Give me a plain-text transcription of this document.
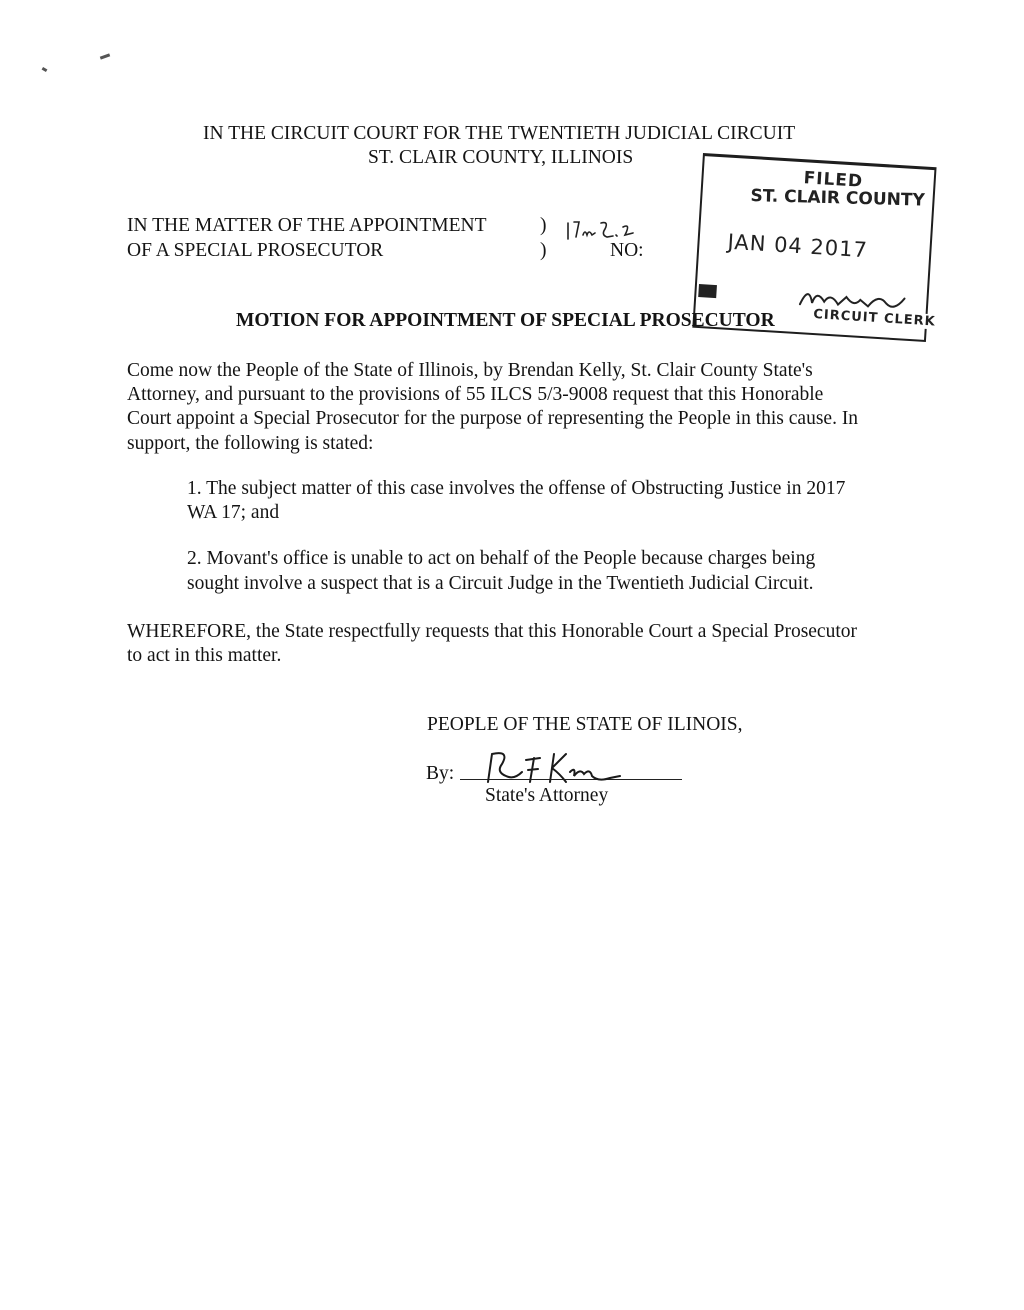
IN THE CIRCUIT COURT FOR THE TWENTIETH JUDICIAL CIRCUIT
ST. CLAIR COUNTY, ILLINOIS
IN THE MATTER OF THE APPOINTMENT
OF A SPECIAL PROSECUTOR
)
)	NO:
FILED
ST. CLAIR COUNTY
JAN 04 2017
38
CIRCUIT CLERK
MOTION FOR APPOINTMENT OF SPECIAL PROSECUTOR
Come now the People of the State of Illinois, by Brendan Kelly, St. Clair County State's
Attorney, and pursuant to the provisions of 55 ILCS 5/3-9008 request that this Honorable
Court appoint a Special Prosecutor for the purpose of representing the People in this cause. In
support, the following is stated:
1. The subject matter of this case involves the offense of Obstructing Justice in 2017
WA 17; and
2. Movant's office is unable to act on behalf of the People because charges being
sought involve a suspect that is a Circuit Judge in the Twentieth Judicial Circuit.
WHEREFORE, the State respectfully requests that this Honorable Court a Special Prosecutor
to act in this matter.
PEOPLE OF THE STATE OF ILINOIS,
By:
State's Attorney
